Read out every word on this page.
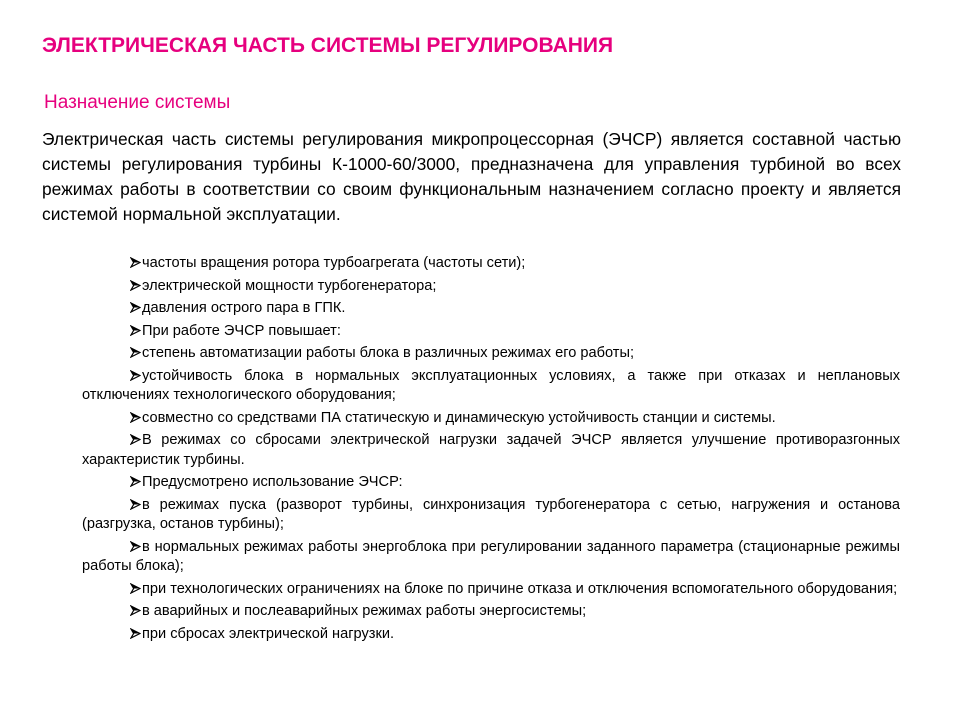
ЭЛЕКТРИЧЕСКАЯ ЧАСТЬ СИСТЕМЫ РЕГУЛИРОВАНИЯ
Назначение системы
Электрическая часть системы регулирования микропроцессорная (ЭЧСР) является составной частью системы регулирования турбины К-1000-60/3000, предназначена для управления турбиной во всех режимах работы в соответствии со своим функциональным назначением согласно проекту и является системой нормальной эксплуатации.
частоты вращения ротора турбоагрегата (частоты сети);
электрической мощности турбогенератора;
давления острого пара в ГПК.
При работе ЭЧСР повышает:
степень автоматизации работы блока в различных режимах его работы;
устойчивость блока в нормальных эксплуатационных условиях, а также при отказах и неплановых отключениях технологического оборудования;
совместно со средствами ПА статическую и динамическую устойчивость станции и системы.
В режимах со сбросами электрической нагрузки задачей ЭЧСР является улучшение противоразгонных характеристик турбины.
Предусмотрено использование ЭЧСР:
в режимах пуска (разворот турбины, синхронизация турбогенератора с сетью, нагружения и останова (разгрузка, останов турбины);
в нормальных режимах работы энергоблока при регулировании заданного параметра (стационарные режимы работы блока);
при технологических ограничениях на блоке по причине отказа и отключения вспомогательного оборудования;
в аварийных и послеаварийных режимах работы энергосистемы;
при сбросах электрической нагрузки.
